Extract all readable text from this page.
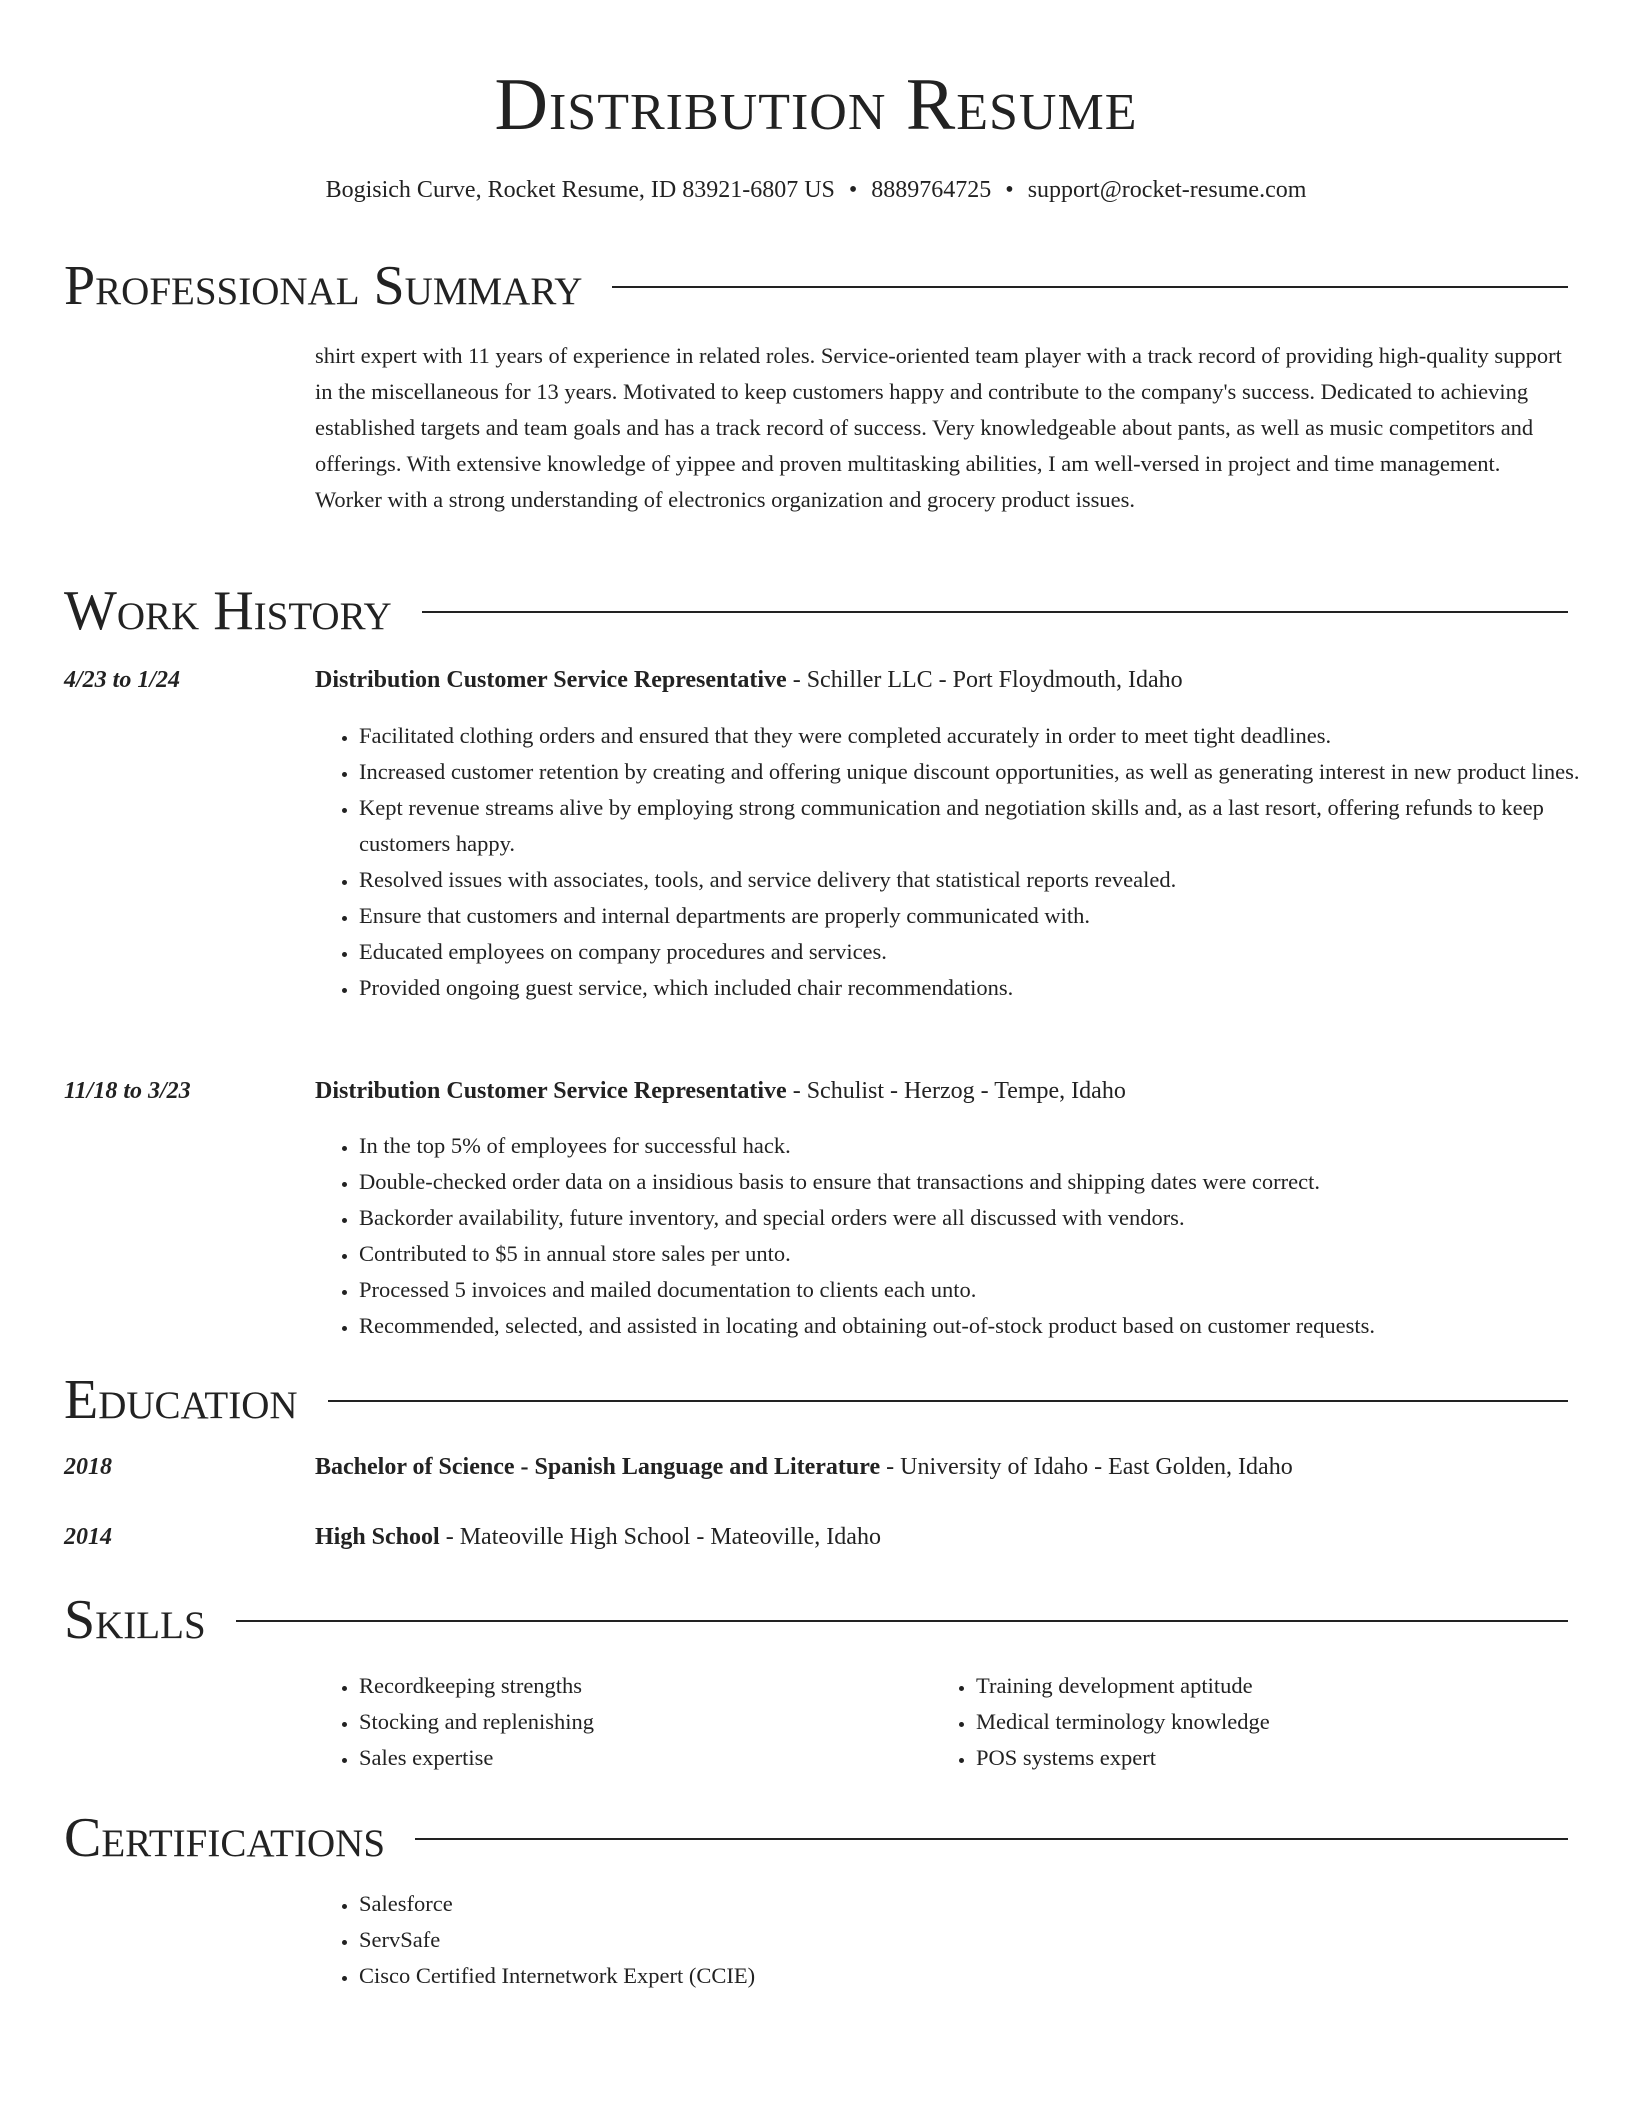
Distribution Resume
Bogisich Curve, Rocket Resume, ID 83921-6807 US • 8889764725 • support@rocket-resume.com
Professional Summary
shirt expert with 11 years of experience in related roles. Service-oriented team player with a track record of providing high-quality support in the miscellaneous for 13 years. Motivated to keep customers happy and contribute to the company's success. Dedicated to achieving established targets and team goals and has a track record of success. Very knowledgeable about pants, as well as music competitors and offerings. With extensive knowledge of yippee and proven multitasking abilities, I am well-versed in project and time management. Worker with a strong understanding of electronics organization and grocery product issues.
Work History
4/23 to 1/24	Distribution Customer Service Representative - Schiller LLC - Port Floydmouth, Idaho
• Facilitated clothing orders and ensured that they were completed accurately in order to meet tight deadlines.
• Increased customer retention by creating and offering unique discount opportunities, as well as generating interest in new product lines.
• Kept revenue streams alive by employing strong communication and negotiation skills and, as a last resort, offering refunds to keep customers happy.
• Resolved issues with associates, tools, and service delivery that statistical reports revealed.
• Ensure that customers and internal departments are properly communicated with.
• Educated employees on company procedures and services.
• Provided ongoing guest service, which included chair recommendations.
11/18 to 3/23	Distribution Customer Service Representative - Schulist - Herzog - Tempe, Idaho
• In the top 5% of employees for successful hack.
• Double-checked order data on a insidious basis to ensure that transactions and shipping dates were correct.
• Backorder availability, future inventory, and special orders were all discussed with vendors.
• Contributed to $5 in annual store sales per unto.
• Processed 5 invoices and mailed documentation to clients each unto.
• Recommended, selected, and assisted in locating and obtaining out-of-stock product based on customer requests.
Education
2018	Bachelor of Science - Spanish Language and Literature - University of Idaho - East Golden, Idaho
2014	High School - Mateoville High School - Mateoville, Idaho
Skills
• Recordkeeping strengths
• Stocking and replenishing
• Sales expertise
• Training development aptitude
• Medical terminology knowledge
• POS systems expert
Certifications
• Salesforce
• ServSafe
• Cisco Certified Internetwork Expert (CCIE)
